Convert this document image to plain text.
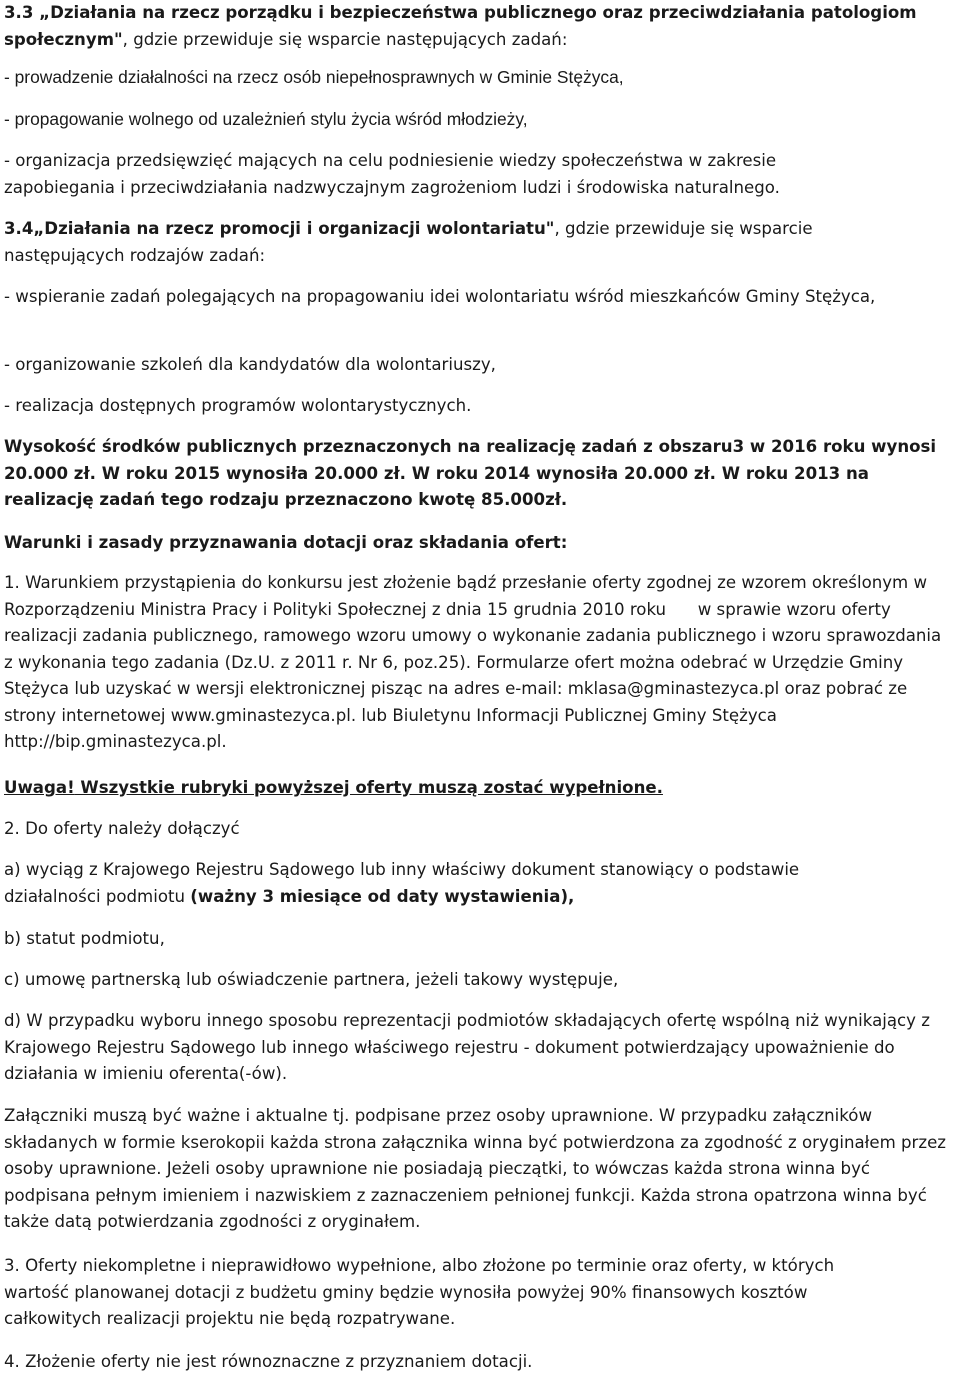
3.3 „Działania na rzecz porządku i bezpieczeństwa publicznego oraz przeciwdziałania patologiom społecznym", gdzie przewiduje się wsparcie następujących zadań:

- prowadzenie działalności na rzecz osób niepełnosprawnych w Gminie Stężyca,

- propagowanie wolnego od uzależnień stylu życia wśród młodzieży,

- organizacja przedsięwzięć mających na celu podniesienie wiedzy społeczeństwa w zakresie zapobiegania i przeciwdziałania nadzwyczajnym zagrożeniom ludzi i środowiska naturalnego.

3.4„Działania na rzecz promocji i organizacji wolontariatu", gdzie przewiduje się wsparcie następujących rodzajów zadań:

- wspieranie zadań polegających na propagowaniu idei wolontariatu wśród mieszkańców Gminy Stężyca,

- organizowanie szkoleń dla kandydatów dla wolontariuszy,

- realizacja dostępnych programów wolontarystycznych.

Wysokość środków publicznych przeznaczonych na realizację zadań z obszaru3 w 2016 roku wynosi 20.000 zł. W roku 2015 wynosiła 20.000 zł. W roku 2014 wynosiła 20.000 zł. W roku 2013 na realizację zadań tego rodzaju przeznaczono kwotę 85.000zł.

Warunki i zasady przyznawania dotacji oraz składania ofert:

1. Warunkiem przystąpienia do konkursu jest złożenie bądź przesłanie oferty zgodnej ze wzorem określonym w Rozporządzeniu Ministra Pracy i Polityki Społecznej z dnia 15 grudnia 2010 roku      w sprawie wzoru oferty realizacji zadania publicznego, ramowego wzoru umowy o wykonanie zadania publicznego i wzoru sprawozdania z wykonania tego zadania (Dz.U. z 2011 r. Nr 6, poz.25). Formularze ofert można odebrać w Urzędzie Gminy Stężyca lub uzyskać w wersji elektronicznej pisząc na adres e-mail: mklasa@gminastezyca.pl oraz pobrać ze strony internetowej www.gminastezyca.pl. lub Biuletynu Informacji Publicznej Gminy Stężyca http://bip.gminastezyca.pl.

Uwaga! Wszystkie rubryki powyższej oferty muszą zostać wypełnione.

2. Do oferty należy dołączyć

a) wyciąg z Krajowego Rejestru Sądowego lub inny właściwy dokument stanowiący o podstawie działalności podmiotu (ważny 3 miesiące od daty wystawienia),

b) statut podmiotu,

c) umowę partnerską lub oświadczenie partnera, jeżeli takowy występuje,

d) W przypadku wyboru innego sposobu reprezentacji podmiotów składających ofertę wspólną niż wynikający z Krajowego Rejestru Sądowego lub innego właściwego rejestru - dokument potwierdzający upoważnienie do działania w imieniu oferenta(-ów).

Załączniki muszą być ważne i aktualne tj. podpisane przez osoby uprawnione. W przypadku załączników składanych w formie kserokopii każda strona załącznika winna być potwierdzona za zgodność z oryginałem przez osoby uprawnione. Jeżeli osoby uprawnione nie posiadają pieczątki, to wówczas każda strona winna być podpisana pełnym imieniem i nazwiskiem z zaznaczeniem pełnionej funkcji. Każda strona opatrzona winna być także datą potwierdzania zgodności z oryginałem.

3. Oferty niekompletne i nieprawidłowo wypełnione, albo złożone po terminie oraz oferty, w których wartość planowanej dotacji z budżetu gminy będzie wynosiła powyżej 90% finansowych kosztów całkowitych realizacji projektu nie będą rozpatrywane.

4. Złożenie oferty nie jest równoznaczne z przyznaniem dotacji.
